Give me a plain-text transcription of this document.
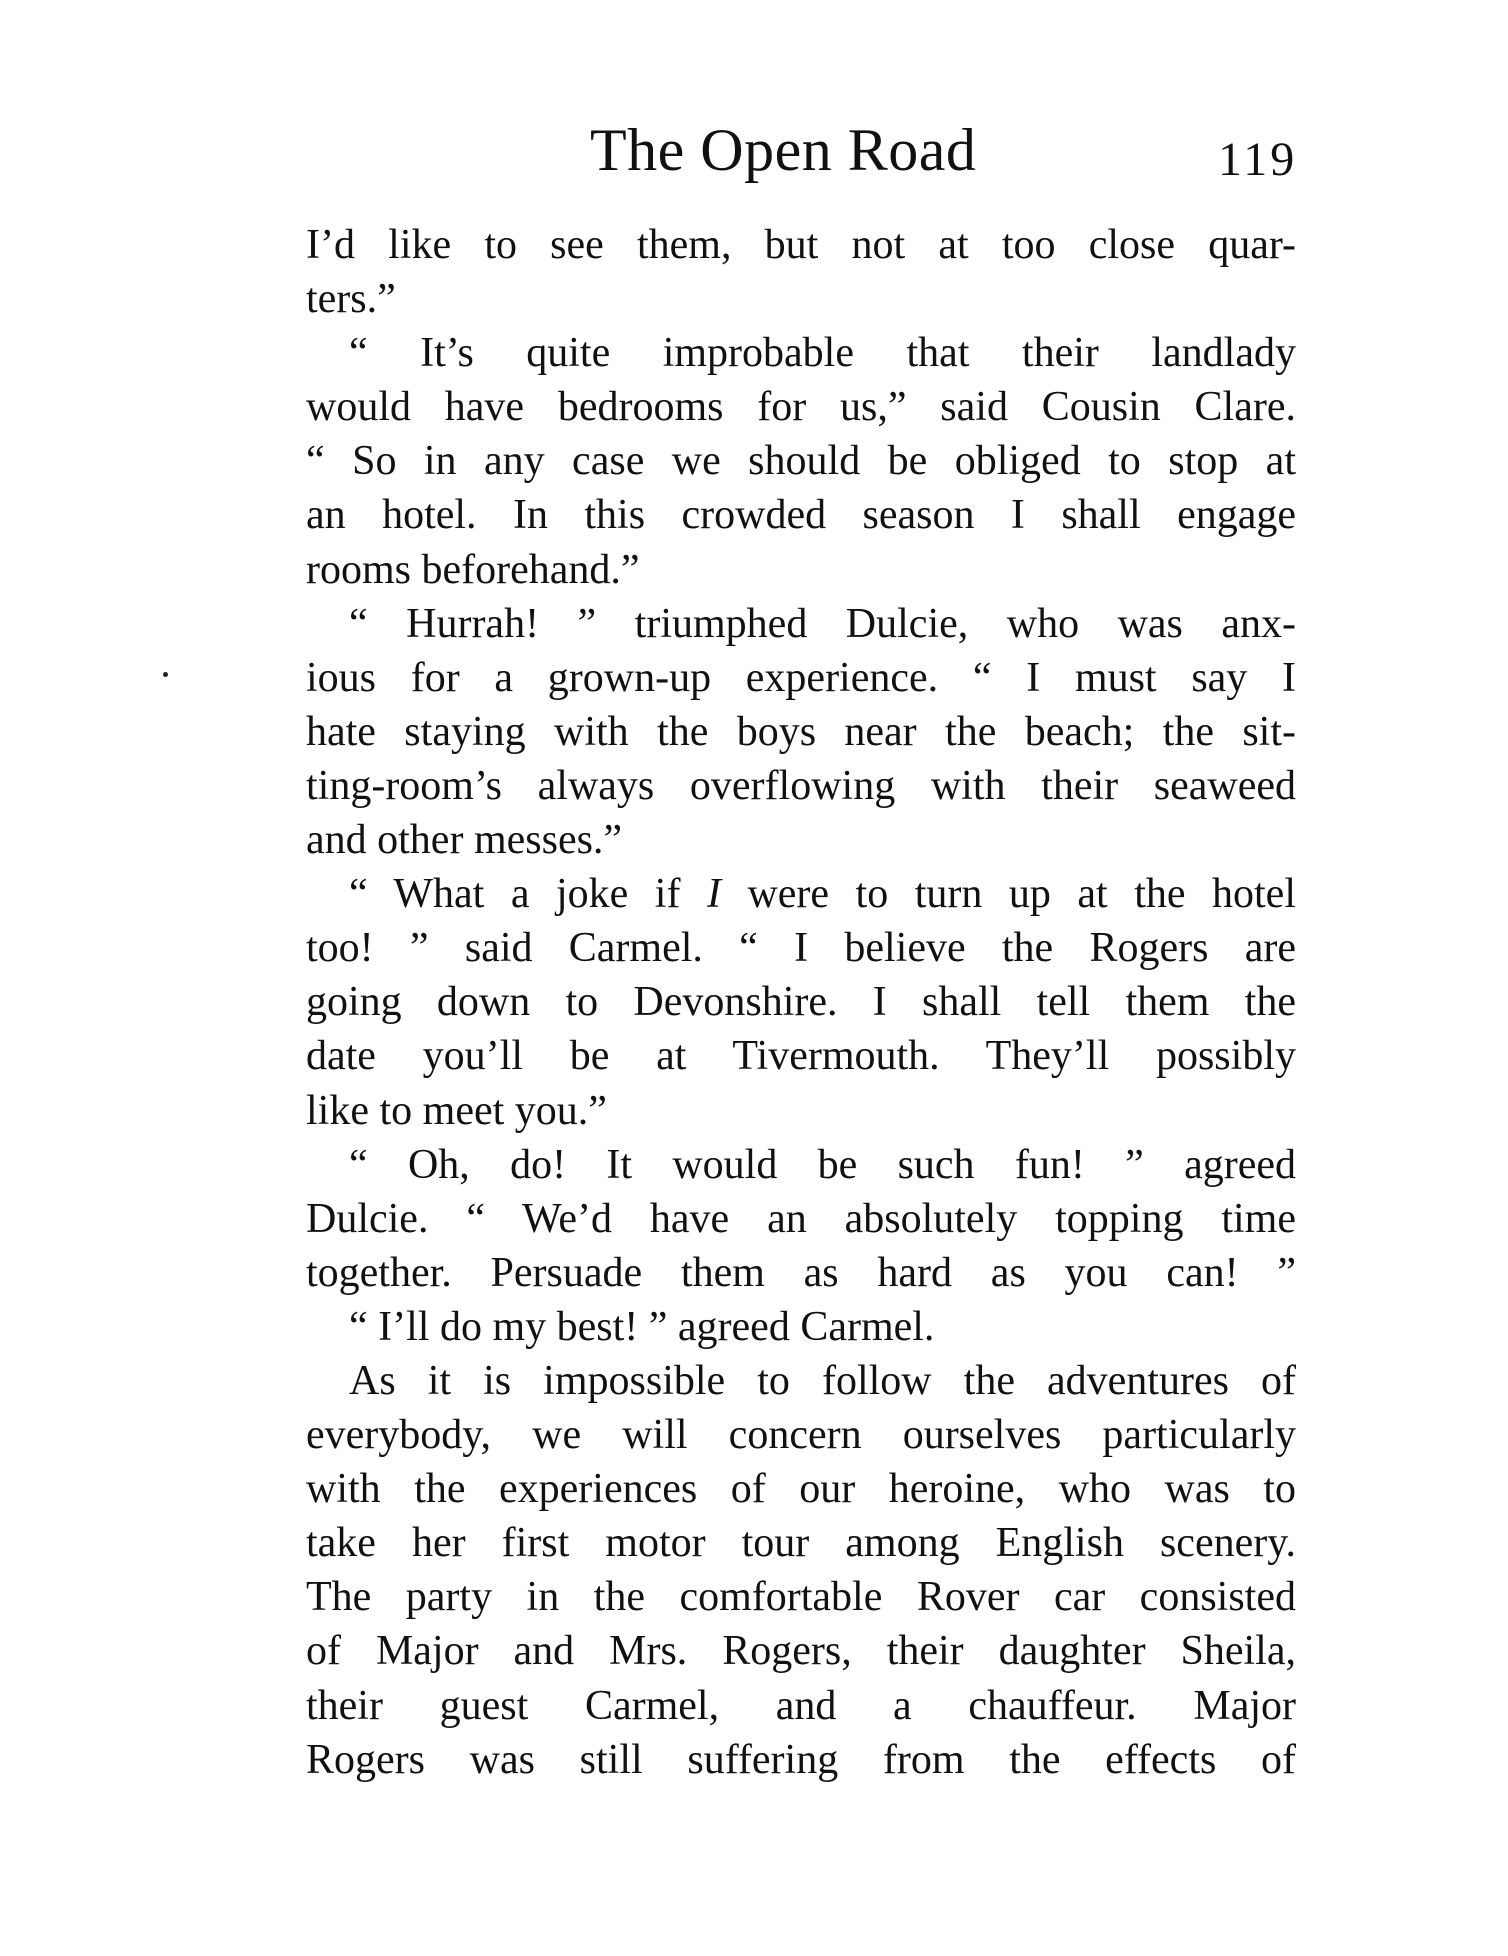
The Open Road	119
I’d like to see them, but not at too close quar-
ters.”
“ It’s quite improbable that their landlady
would have bedrooms for us,” said Cousin Clare.
“ So in any case we should be obliged to stop at
an hotel. In this crowded season I shall engage
rooms beforehand.”
“ Hurrah! ” triumphed Dulcie, who was anx-
ious for a grown-up experience. “ I must say I
hate staying with the boys near the beach; the sit-
ting-room’s always overflowing with their seaweed
and other messes.”
“ What a joke if I were to turn up at the hotel
too! ” said Carmel. “ I believe the Rogers are
going down to Devonshire. I shall tell them the
date you’ll be at Tivermouth. They’ll possibly
like to meet you.”
“ Oh, do! It would be such fun! ” agreed
Dulcie. “ We’d have an absolutely topping time
together. Persuade them as hard as you can! ”
“ I’ll do my best! ” agreed Carmel.
As it is impossible to follow the adventures of
everybody, we will concern ourselves particularly
with the experiences of our heroine, who was to
take her first motor tour among English scenery.
The party in the comfortable Rover car consisted
of Major and Mrs. Rogers, their daughter Sheila,
their guest Carmel, and a chauffeur. Major
Rogers was still suffering from the effects of
